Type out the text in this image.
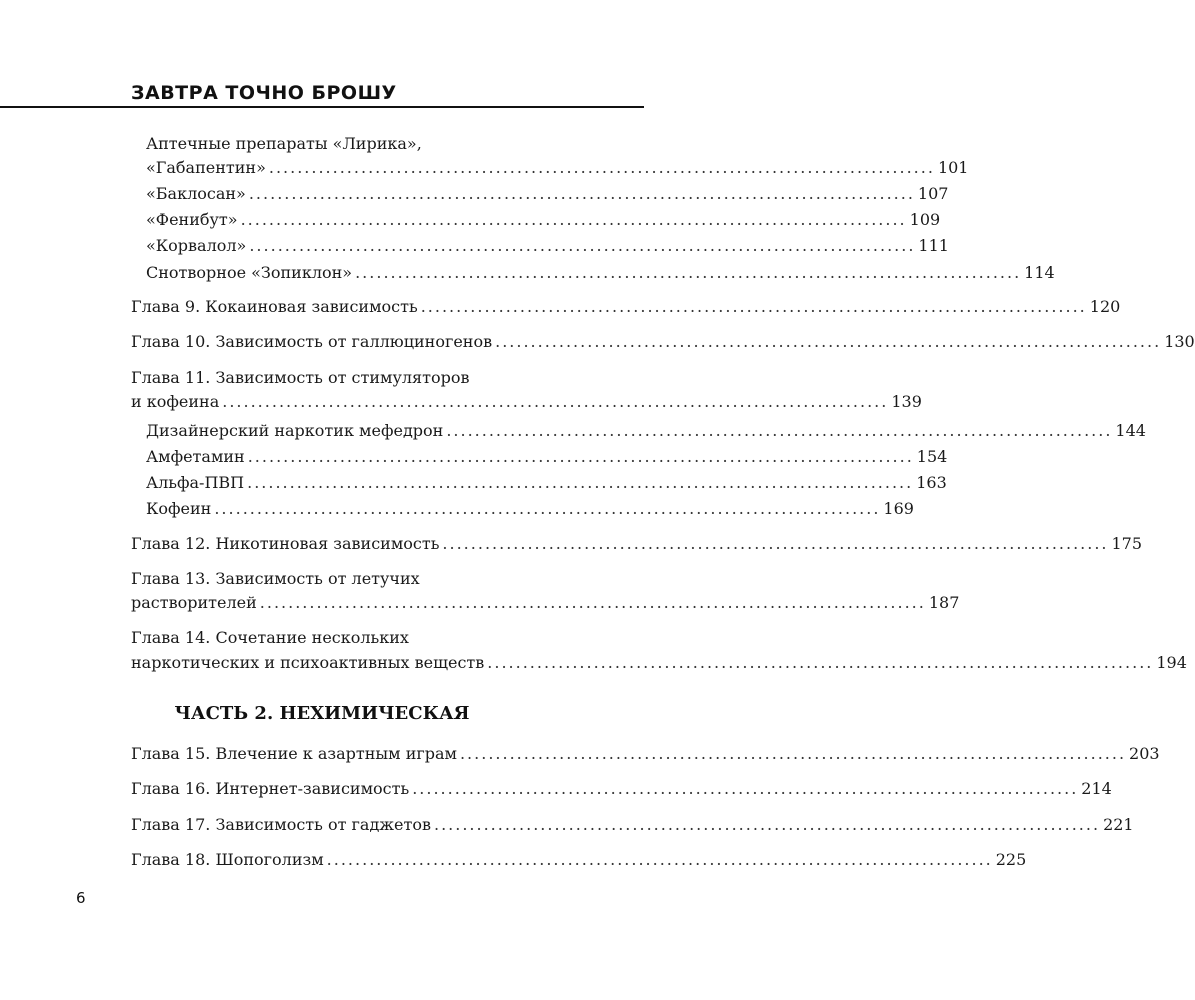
ЗАВТРА ТОЧНО БРОШУ
Аптечные препараты «Лирика»,
«Габапентин» .............................................................................................. 101
«Баклосан» .............................................................................................. 107
«Фенибут» .............................................................................................. 109
«Корвалол» .............................................................................................. 111
Снотворное «Зопиклон» .............................................................................................. 114
Глава 9. Кокаиновая зависимость .............................................................................................. 120
Глава 10. Зависимость от галлюциногенов .............................................................................................. 130
Глава 11. Зависимость от стимуляторов
и кофеина .............................................................................................. 139
Дизайнерский наркотик мефедрон .............................................................................................. 144
Амфетамин .............................................................................................. 154
Альфа-ПВП .............................................................................................. 163
Кофеин .............................................................................................. 169
Глава 12. Никотиновая зависимость .............................................................................................. 175
Глава 13. Зависимость от летучих
растворителей .............................................................................................. 187
Глава 14. Сочетание нескольких
наркотических и психоактивных веществ .............................................................................................. 194
ЧАСТЬ 2. НЕХИМИЧЕСКАЯ
Глава 15. Влечение к азартным играм .............................................................................................. 203
Глава 16. Интернет-зависимость .............................................................................................. 214
Глава 17. Зависимость от гаджетов .............................................................................................. 221
Глава 18. Шопоголизм .............................................................................................. 225
6
